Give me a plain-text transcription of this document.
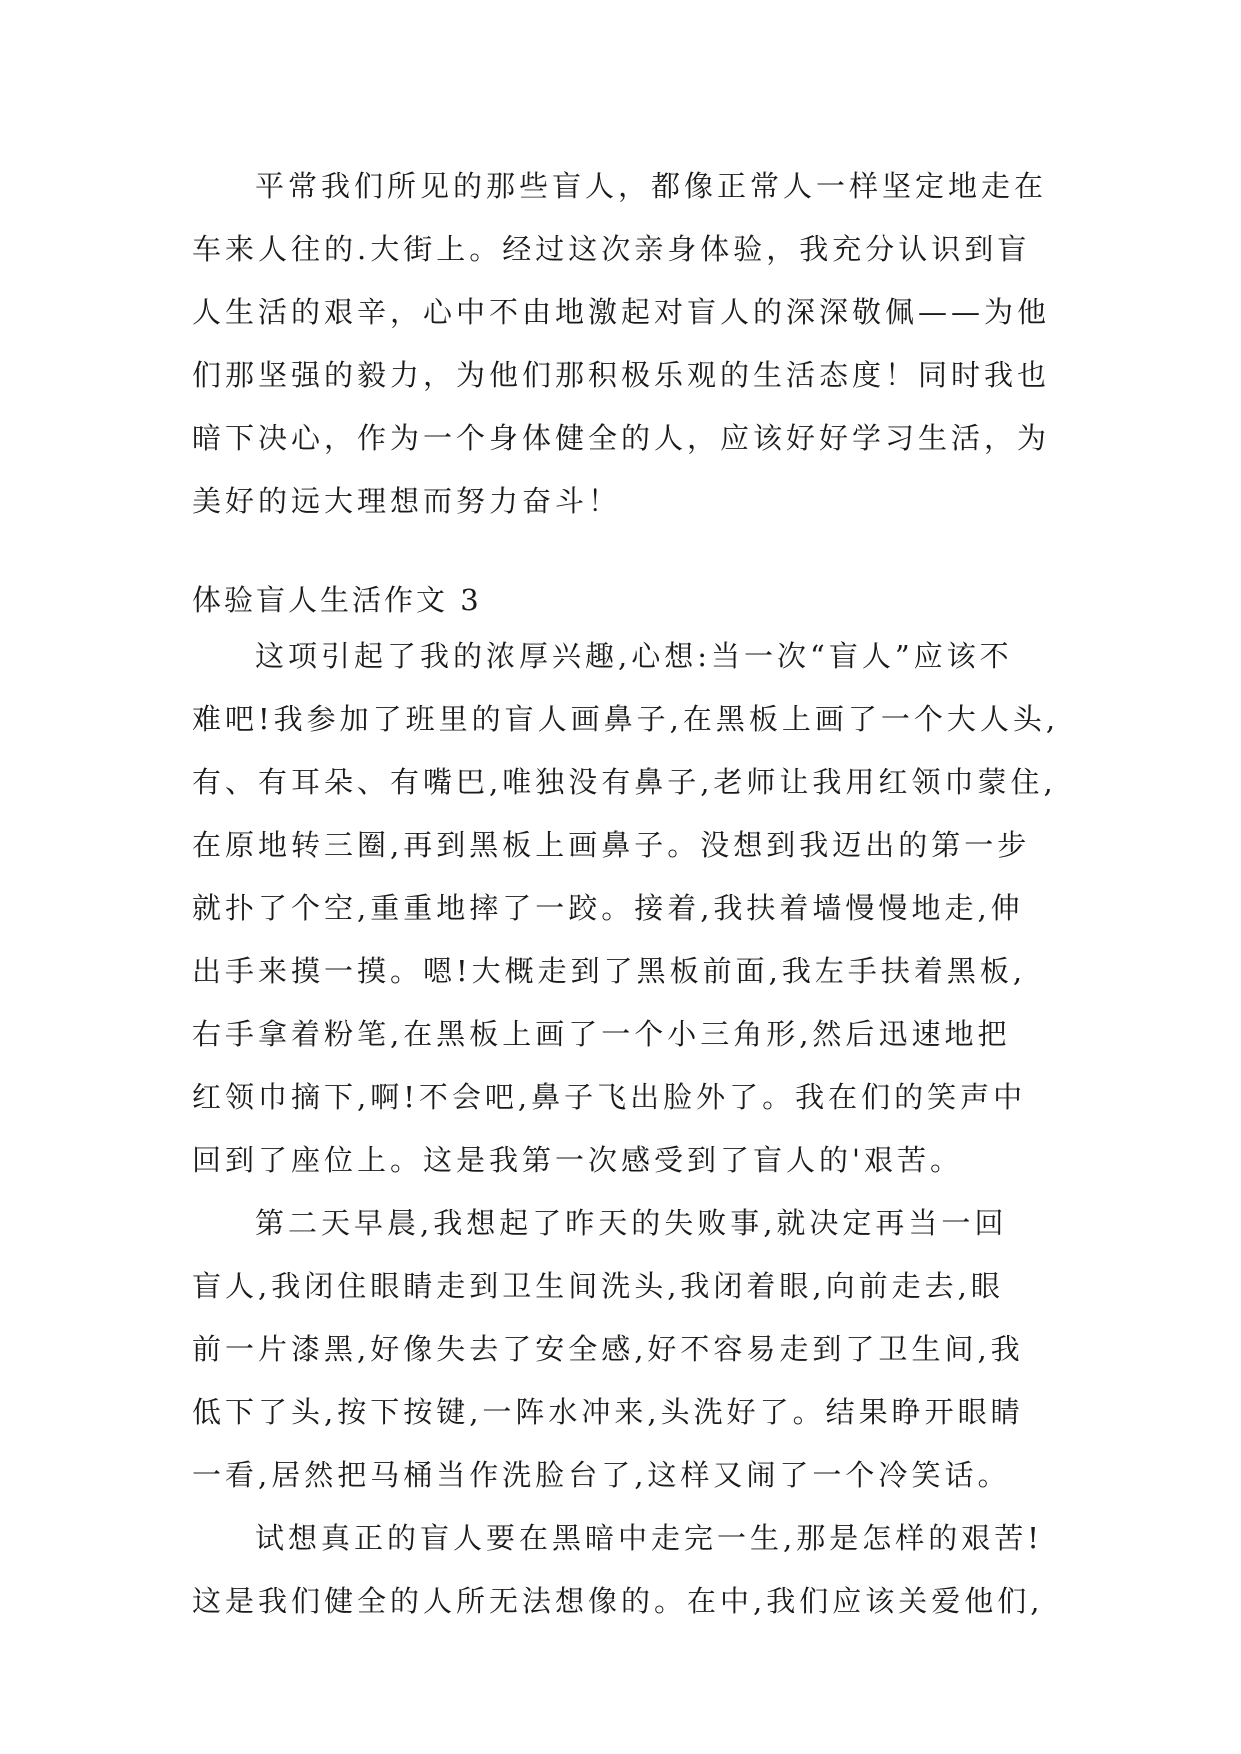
平常我们所见的那些盲人，都像正常人一样坚定地走在
车来人往的.大街上。经过这次亲身体验，我充分认识到盲
人生活的艰辛，心中不由地激起对盲人的深深敬佩——为他
们那坚强的毅力，为他们那积极乐观的生活态度！同时我也
暗下决心，作为一个身体健全的人，应该好好学习生活，为
美好的远大理想而努力奋斗！
体验盲人生活作文 3
这项引起了我的浓厚兴趣,心想:当一次“盲人”应该不
难吧!我参加了班里的盲人画鼻子,在黑板上画了一个大人头,
有、有耳朵、有嘴巴,唯独没有鼻子,老师让我用红领巾蒙住,
在原地转三圈,再到黑板上画鼻子。没想到我迈出的第一步
就扑了个空,重重地摔了一跤。接着,我扶着墙慢慢地走,伸
出手来摸一摸。嗯!大概走到了黑板前面,我左手扶着黑板,
右手拿着粉笔,在黑板上画了一个小三角形,然后迅速地把
红领巾摘下,啊!不会吧,鼻子飞出脸外了。我在们的笑声中
回到了座位上。这是我第一次感受到了盲人的'艰苦。
第二天早晨,我想起了昨天的失败事,就决定再当一回
盲人,我闭住眼睛走到卫生间洗头,我闭着眼,向前走去,眼
前一片漆黑,好像失去了安全感,好不容易走到了卫生间,我
低下了头,按下按键,一阵水冲来,头洗好了。结果睁开眼睛
一看,居然把马桶当作洗脸台了,这样又闹了一个冷笑话。
试想真正的盲人要在黑暗中走完一生,那是怎样的艰苦!
这是我们健全的人所无法想像的。在中,我们应该关爱他们,
